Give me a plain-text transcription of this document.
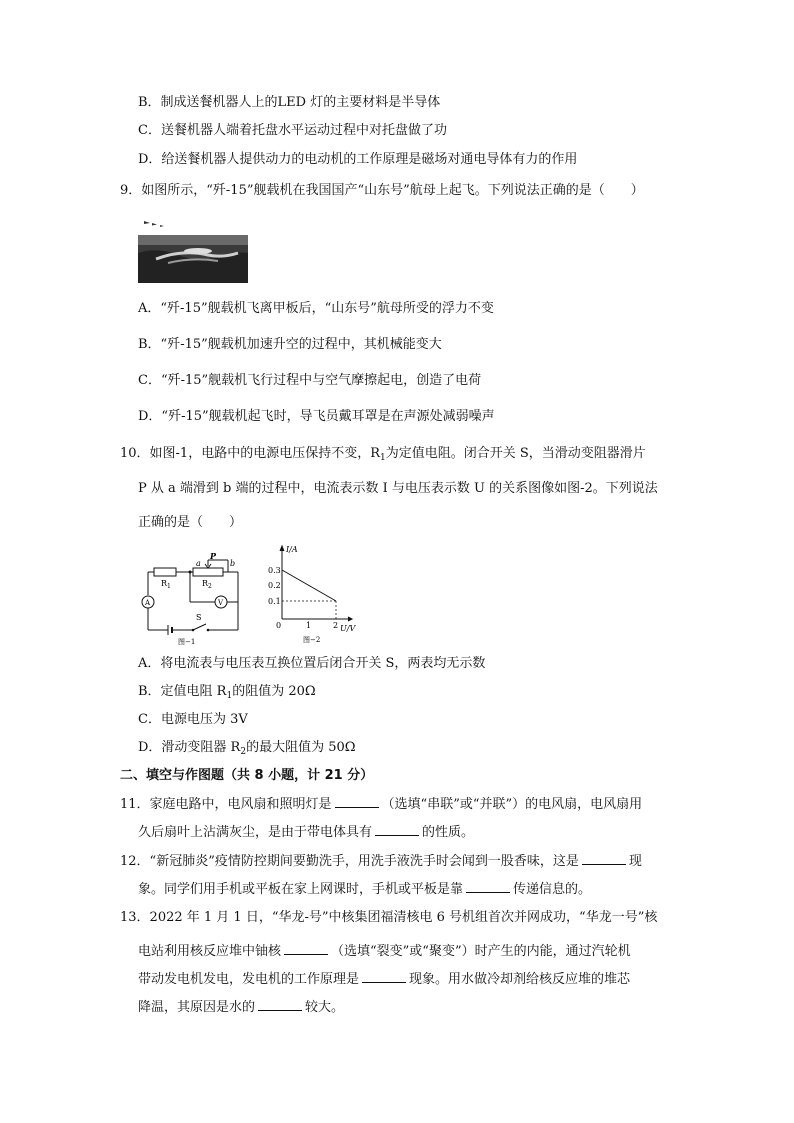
B．制成送餐机器人上的LED 灯的主要材料是半导体
C．送餐机器人端着托盘水平运动过程中对托盘做了功
D．给送餐机器人提供动力的电动机的工作原理是磁场对通电导体有力的作用
9．如图所示，“歼-15”舰载机在我国国产“山东号”航母上起飞。下列说法正确的是（　　）
A．“歼-15”舰载机飞离甲板后，“山东号”航母所受的浮力不变
B．“歼-15”舰载机加速升空的过程中，其机械能变大
C．“歼-15”舰载机飞行过程中与空气摩擦起电，创造了电荷
D．“歼-15”舰载机起飞时，导飞员戴耳罩是在声源处减弱噪声
10．如图-1，电路中的电源电压保持不变，$R_1$为定值电阻。闭合开关 S，当滑动变阻器滑片
P 从 a 端滑到 b 端的过程中，电流表示数 I 与电压表示数 U 的关系图像如图-2。下列说法
正确的是（　　）
$R_1$	$R_2$
P
a	b
A	V
S
图−1
I/A
U/V
0.3
0.2
0.1
0	1	2
图−2
A．将电流表与电压表互换位置后闭合开关 S，两表均无示数
B．定值电阻 $R_1$的阻值为 20Ω
C．电源电压为 3V
D．滑动变阻器 $R_2$的最大阻值为 50Ω
二、填空与作图题（共 8 小题，计 21 分）
11．家庭电路中，电风扇和照明灯是	（选填“串联”或“并联”）的电风扇，电风扇用
久后扇叶上沾满灰尘，是由于带电体具有	的性质。
12．“新冠肺炎”疫情防控期间要勤洗手，用洗手液洗手时会闻到一股香味，这是	现
象。同学们用手机或平板在家上网课时，手机或平板是靠	传递信息的。
13．2022 年 1 月 1 日，“华龙-号”中核集团福清核电 6 号机组首次并网成功，“华龙一号”核
电站利用核反应堆中铀核	（选填“裂变”或“聚变”）时产生的内能，通过汽轮机
带动发电机发电，发电机的工作原理是	现象。用水做冷却剂给核反应堆的堆芯
降温，其原因是水的	较大。
